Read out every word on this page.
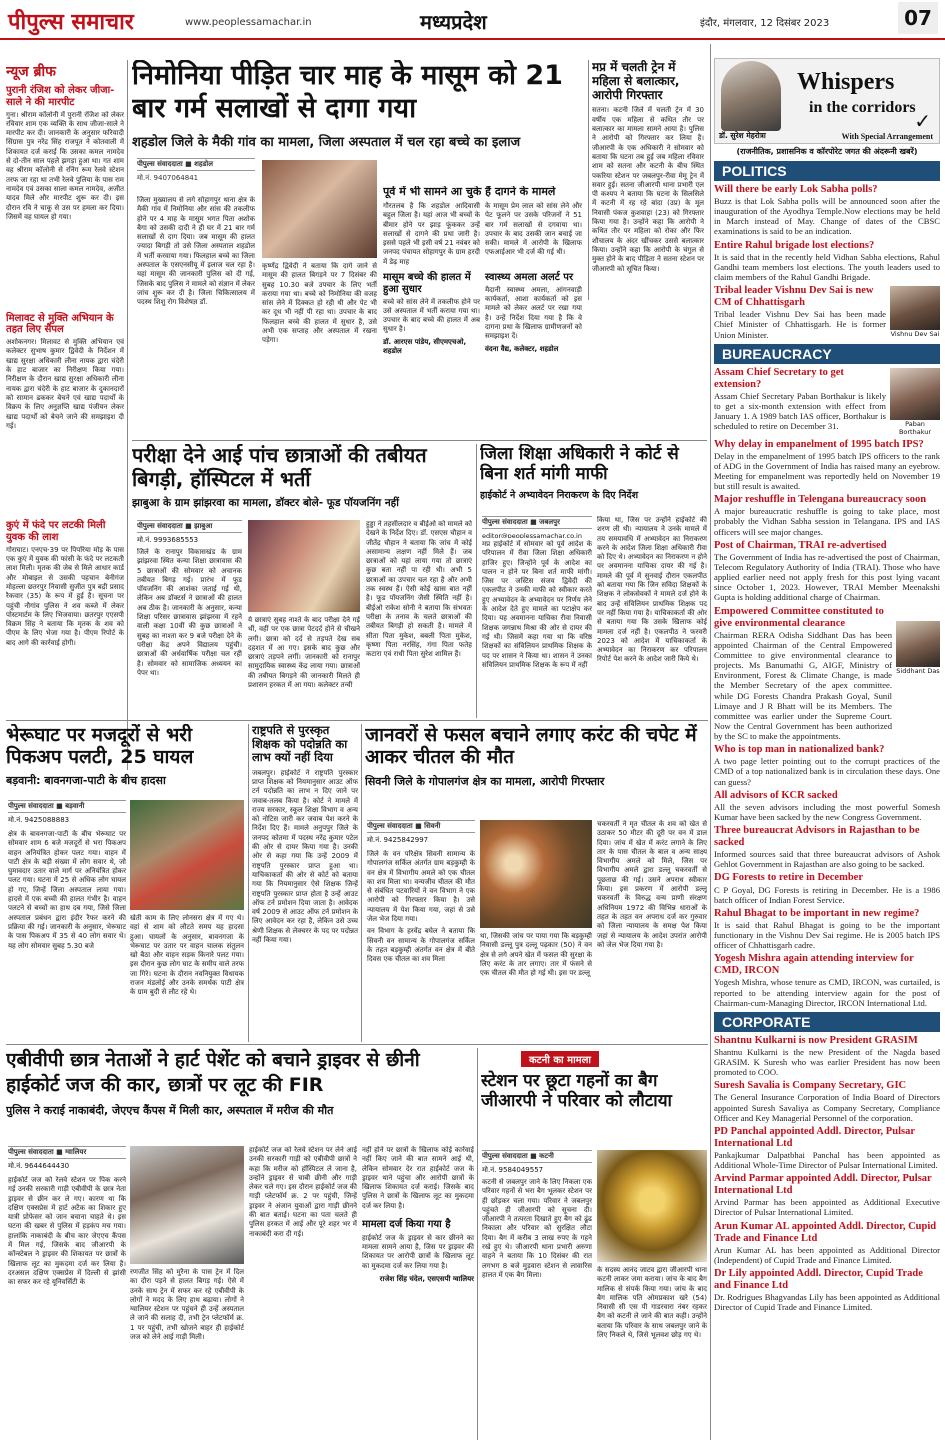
पीपुल्स समाचार	www.peoplessamachar.in	मध्यप्रदेश	इंदौर, मंगलवार, 12 दिसंबर 2023	07
न्यूज ब्रीफ
पुरानी रंजिश को लेकर जीजा-साले ने की मारपीट
गुना। श्रीराम कॉलोनी में पुरानी रंजिश को लेकर रविवार शाम एक व्यक्ति के साथ जीजा-साले ने मारपीट कर दी। जानकारी के अनुसार फरियादी सिंग्रास पुत्र नरेंद्र सिंह राजपूत ने कोतवाली में शिकायत दर्ज कराई कि उसका कमल नामदेव से दो-तीन साल पहले झगड़ा हुआ था। गत शाम वह श्रीराम कॉलोनी से रनिंग रूम रेलवे स्टेशन तरफ जा रहा था तभी रेलवे पुलिया के पास राम नामदेव एवं उसका साला कमल नामदेव, अजीत यादव मिले और मारपीट शुरू कर दी। इस दौरान रवि ने चाकू से उस पर हमला कर दिया। जिसमें वह घायल हो गया।
मिलावट से मुक्ति अभियान के तहत लिए सैंपल
अशोकनगर। मिलावट से मुक्ति अभियान एवं कलेक्टर सुभाष कुमार द्विवेदी के निर्देशन में खाद्य सुरक्षा अधिकारी लीना नायक द्वारा चंदेरी के हाट बाजार का निरीक्षण किया गया। निरीक्षण के दौरान खाद्य सुरक्षा अधिकारी लीना नायक द्वारा चंदेरी के हाट बाजार के दुकानदारों को सामान ढककर बेचने एवं खाद्य पदार्थों के विक्रय के लिए अनुज्ञप्ति खाद्य पंजीयन लेकर खाद्य पदार्थों को बेचने जाने की समझाइश दी गई।
कुएं में फंदे पर लटकी मिली युवक की लाश
गोराघाट। एनएच-39 पर पिपरिया मोड़ के पास एक कुएं में युवक की फांसी के फंदे पर लटकती लाश मिली। मृतक की जेब से मिले आधार कार्ड और मोबाइल से उसकी पहचान बेनीगंज मोहल्ला छतरपुर निवासी सुजीत पुत्र बद्री प्रसाद रैकवार (35) के रूप में हुई है। सूचना पर पहुंची नौगांव पुलिस ने शव कब्जे में लेकर पोस्टमार्टम के लिए भिजवाया। छतरपुर एएसपी विक्रम सिंह ने बताया कि मृतक के शव को पीएम के लिए भेजा गया है। पीएम रिपोर्ट के बाद आगे की कार्रवाई होगी।
निमोनिया पीड़ित चार माह के मासूम को 21 बार गर्म सलाखों से दागा गया
शहडोल जिले के मैकी गांव का मामला, जिला अस्पताल में चल रहा बच्चे का इलाज
पीपुल्स संवाददाता ■ शहडोल
मो.नं. 9407064841
जिला मुख्यालय से लगे सोहागपुर थाना क्षेत्र के मैकी गांव में निमोनिया और सांस की तकलीफ होने पर 4 माह के मासूम भगत पिता अशोक बैगा को उसकी दादी ने ही घर में 21 बार गर्म सलाखों से दाग दिया। जब मासूम की हालत ज्यादा बिगड़ी तो उसे जिला अस्पताल शहडोल में भर्ती करवाया गया। फिलहाल बच्चे का जिला अस्पताल के एसएनसीयू में इलाज चल रहा है। यहां मासूम की जानकारी पुलिस को दी गई, जिसके बाद पुलिस ने मामले को संज्ञान में लेकर जांच शुरू कर दी है। जिला चिकित्सालय में पदस्थ शिशु रोग विशेषज्ञ डॉ.
कृष्णेंद्र द्विवेदी ने बताया कि दागे जाने से मासूम की हालत बिगड़ने पर 7 दिसंबर की सुबह 10.30 बजे उपचार के लिए भर्ती कराया गया था। बच्चे को निमोनिया की वजह सांस लेने में दिक्कत हो रही थी और पेट भी कर दूध भी नहीं पी रहा था। उपचार के बाद फिलहाल बच्चे की हालत में सुधार है, उसे अभी एक सप्ताह और अस्पताल में रखना पड़ेगा।
पूर्व में भी सामने आ चुके हैं दागने के मामले
गौरतलब है कि शहडोल आदिवासी बहुल जिला है। यहां आज भी बच्चों के बीमार होने पर झाड़ फूंककर उन्हें सलाखों से दागने की प्रथा जारी है। इससे पहले भी इसी वर्ष 21 नवंबर को जनपद पंचायत सोहागपुर के ग्राम हरदी में डेढ़ माह
के मासूम प्रेम लाल को सांस लेने और पेट फूलने पर उसके परिजनों ने 51 बार गर्म सलाखों से दगवाया था। उपचार के बाद उसकी जान बचाई जा सकी। मामले में आरोपी के खिलाफ एफआईआर भी दर्ज की गई थी।
मासूम बच्चे की हालत में हुआ सुधार
बच्चे को सांस लेने में तकलीफ होने पर उसे अस्पताल में भर्ती कराया गया था। उपचार के बाद बच्चे की हालत में अब सुधार है।
डॉ. आरएस पांडेय, सीएमएचओ, शहडोल
स्वास्थ्य अमला अलर्ट पर
मैदानी स्वास्थ्य अमला, आंगनवाड़ी कार्यकर्ता, आशा कार्यकर्ता को इस मामले को लेकर अलर्ट पर रखा गया है। उन्हें निर्देश दिया गया है कि वे दागना प्रथा के खिलाफ ग्रामीणजनों को समझाइश दें।
वंदना वैद्य, कलेक्टर, शहडोल
मप्र में चलती ट्रेन में महिला से बलात्कार, आरोपी गिरफ्तार
सतना। कटनी जिले में चलती ट्रेन में 30 वर्षीय एक महिला से कथित तौर पर बलात्कार का मामला सामने आया है। पुलिस ने आरोपी को गिरफ्तार कर लिया है। जीआरपी के एक अधिकारी ने सोमवार को बताया कि घटना तब हुई जब महिला रविवार शाम को सतना और कटनी के बीच स्थित पकरिया स्टेशन पर जबलपुर-रीवा मेमू ट्रेन में सवार हुई। सतना जीआरपी थाना प्रभारी एल पी कश्यप ने बताया कि घटना के सिलसिले में कटनी में रह रहे बांदा (उप्र) के मूल निवासी पंकज कुशवाहा (23) को गिरफ्तार किया गया है। उन्होंने कहा कि आरोपी ने कथित तौर पर महिला को रोका और फिर शौचालय के अंदर खींचकर उससे बलात्कार किया। उन्होंने कहा कि आरोपी के चंगुल से मुक्त होने के बाद पीड़िता ने सतना स्टेशन पर जीआरपी को सूचित किया।
परीक्षा देने आई पांच छात्राओं की तबीयत बिगड़ी, हॉस्पिटल में भर्ती
झाबुआ के ग्राम झांझरवा का मामला, डॉक्टर बोले- फूड पॉयजनिंग नहीं
पीपुल्स संवाददाता ■ झाबुआ
मो.नं. 9993685553
जिले के रानापुर विकासखंड के ग्राम झांझरवा स्थित कन्या शिक्षा छात्रावास की 5 छात्राओं की सोमवार को अचानक तबीयत बिगड़ गई। प्रारंभ में फूड पॉयजनिंग की आशंका जताई गई थी, लेकिन अब डॉक्टर्स ने छात्राओं की हालत अब ठीक है। जानकारी के अनुसार, कन्या शिक्षा परिसर छात्रावास झांझरवा में रहने वाली कक्षा 10वीं की कुछ छात्राओं ने सुबह का नाश्ता कर 9 बजे परीक्षा देने के परीक्षा केंद्र अपने विद्यालय पहुंची। छात्राओं की अर्धवार्षिक परीक्षा चल रही है। सोमवार को सामाजिक अध्ययन का पेपर था।
ये छात्राएं सुबह नाश्ते के बाद परीक्षा देने गई थीं, वहीं पर एक छात्रा पेटदर्द होने से चीखने लगी। छात्रा को दर्द से तड़पते देख सब दहशत में आ गए। इसके बाद कुछ और छात्राएं तड़पने लगीं। जानकारी को रानापुर सामुदायिक स्वास्थ्य केंद्र लाया गया। छात्राओं की तबीयत बिगड़ने की जानकारी मिलते ही प्रशासन हरकत में आ गया। कलेक्टर तन्वी
हुड्डा ने तहसीलदार व बीईओ को मामले को देखने के निर्देश दिए। डॉ. एसएस चौहान व जीतेंद्र चौहान ने बताया कि जांच में कोई असामान्य लक्षण नहीं मिले हैं। जब छात्राओं को यहां लाया गया तो छात्राएं कुछ बता नहीं पा रही थी। अभी 5 छात्राओं का उपचार चल रहा है और अभी तक स्वस्थ हैं। ऐसी कोई खास बात नहीं है। फूड पॉयजनिंग जैसी स्थिति नहीं है। बीईओ राकेश सोनी ने बताया कि संभवतः परीक्षा के तनाव के चलते छात्राओं की तबीयत बिगड़ी हो सकती है। मामले में सीता पिता मुकेश, बबली पिता मुकेश, कृष्णा पिता नरसिंह, गंगा पिता फतेह कटारा एवं राधी पिता सुरेश शामिल हैं।
जिला शिक्षा अधिकारी ने कोर्ट से बिना शर्त मांगी माफी
हाईकोर्ट ने अभ्यावेदन निराकरण के दिए निर्देश
पीपुल्स संवाददाता ■ जबलपुर
editor@peoplessamachar.co.in
मप्र हाईकोर्ट में सोमवार को पूर्व आदेश के परिपालन में रीवा जिला शिक्षा अधिकारी हाजिर हुए। जिन्होंने पूर्व के आदेश का पालन न होने पर बिना शर्त माफी मांगी। जिस पर जस्टिस संजय द्विवेदी की एकलपीठ ने उनकी माफी को स्वीकार करते हुए अभ्यावेदन के अभ्यावेदन पर निर्णय लेने के आदेश देते हुए मामले का पटाक्षेप कर दिया। यह अवमानना याचिका रीवा निवासी शिक्षक जगन्नाथ मिश्रा की ओर से दायर की गई थी। जिसमें कहा गया था कि वरिष्ठ शिक्षकों का संविलियन प्राथमिक शिक्षक के पद पर शासन ने किया था। शासन ने उनका संविलियन प्राथमिक शिक्षक के रूप में नहीं
किया था, जिस पर उन्होंने हाईकोर्ट की शरण ली थी। न्यायालय ने उनके मामले में तय समयावधि में अभ्यावेदन का निराकरण करने के आदेश जिला शिक्षा अधिकारी रीवा को दिए थे। अभ्यावेदन का निराकरण न होने पर अवमानना याचिका दायर की गई है। मामले की पूर्व में सुनवाई दौरान एकलपीठ को बताया गया कि जिन सविदा शिक्षकों के शिक्षक ने लोकसेवकों ने मामले दर्ज होने के बाद उन्हें संविलियन प्राथमिक शिक्षक पद पर नहीं किया गया है। याचिकाकर्ता की ओर से बताया गया कि उसके खिलाफ कोई मामला दर्ज नहीं है। एकलपीठ ने फरवरी 2023 को आदेश में याचिकाकर्ता के अभ्यावेदन का निराकरण कर परिपालन रिपोर्ट पेश करने के आदेश जारी किये थे।
भेरूघाट पर मजदूरों से भरी पिकअप पलटी, 25 घायल
बड़वानी: बावनगजा-पाटी के बीच हादसा
पीपुल्स संवाददाता ■ बड़वानी
मो.नं. 9425088883
क्षेत्र के बावनगजा-पाटी के बीच भेरूघाट पर सोमवार शाम 6 बजे मजदूरों से भरा पिकअप वाहन अनियंत्रित होकर पलट गया। वाहन में पाटी क्षेत्र के बड़ी संख्या में लोग सवार थे, जो घुमावदार उतार वाले मार्ग पर अनियंत्रित होकर पलट गया। घटना में 25 से अधिक लोग घायल हो गए, जिन्हें जिला अस्पताल लाया गया। हादसे में एक बच्ची की हालत गंभीर है। वाहन पलटने से बच्चों का हाथ दब गया, जिसे जिला अस्पताल प्रबंधन द्वारा इंदौर रैफर करने की प्रक्रिया की गई। जानकारी के अनुसार, भेरूघाट के पास पिकअप में 35 से 40 लोग सवार थे। यह लोग सोमवार सुबह 5.30 बजे
खेती काम के लिए लोनसरा क्षेत्र में गए थे। वहां से शाम को लौटते समय यह हादसा हुआ। घायलों के अनुसार, बावनगजा के भेरूघाट पर उतार पर वाहन चालक संतुलन खो बैठा और वाहन सड़क किनारे पलट गया। इस दौरान कुछ लोग घाट के समीप वाले तरफ जा गिरे। घटना के दौरान नवनियुक्त विधायक राजन मंडलोई और उनके समर्थक पाटी क्षेत्र के ग्राम बुदी से लौट रहे थे।
राष्ट्रपति से पुरस्कृत शिक्षक को पदोन्नति का लाभ क्यों नहीं दिया
जबलपुर। हाईकोर्ट ने राष्ट्रपति पुरस्कार प्राप्त शिक्षक को नियमानुसार आउट ऑफ टर्न पदोन्नति का लाभ न दिए जाने पर जवाब-तलब किया है। कोर्ट ने मामले में राज्य सरकार, स्कूल शिक्षा विभाग व अन्य को नोटिस जारी कर जवाब पेश करने के निर्देश दिए हैं। मामले अनुपपुर जिले के जनपद कोतमा में पदस्थ नरेंद्र कुमार पटेल की ओर से दायर किया गया है। उनकी ओर से कहा गया कि उन्हें 2009 में राष्ट्रपति पुरस्कार प्राप्त हुआ था। याचिकाकर्ता की ओर से कोर्ट को बताया गया कि नियमानुसार ऐसे शिक्षक जिन्हें राष्ट्रपति पुरस्कार प्राप्त होता है उन्हें आउट ऑफ टर्न प्रमोशन दिया जाता है। आवेदक वर्ष 2009 से आउट ऑफ टर्न प्रमोशन के लिए आवेदन कर रहा है, लेकिन उसे उच्च श्रेणी शिक्षक से लेक्चरर के पद पर पदोन्नत नहीं किया गया।
जानवरों से फसल बचाने लगाए करंट की चपेट में आकर चीतल की मौत
सिवनी जिले के गोपालगंज क्षेत्र का मामला, आरोपी गिरफ्तार
पीपुल्स संवाददाता ■ सिवनी
मो.नं. 9425842997
जिले के वन परिक्षेत्र सिवनी सामान्य के गोपालगंज सर्किल अंतर्गत ग्राम बड़कुम्ही के वन क्षेत्र में विभागीय अमले को एक चीतल का शव मिला था। वन्यजीव चीतल की मौत से संबंधित पटवारियों ने वन विभाग ने एक आरोपी को गिरफ्तार किया है। उसे न्यायालय में पेश किया गया, जहां से उसे जेल भेज दिया गया।
वन विभाग के हरवेंद्र बघेल ने बताया कि सिवनी वन सामान्य के गोपालगंज सर्किल के तहत बड़कुम्ही अंतर्गत वन क्षेत्र में बीते दिवस एक चीतल का शव मिला
था, जिसकी जांच पर पाया गया कि बड़कुम्ही निवासी डल्लू पुत्र दल्लू पढ़कार (50) ने वन क्षेत्र से लगे अपने खेत में फसल की सुरक्षा के लिए करंट के तार लगाए। तार में फंसने से एक चीतल की मौत हो गई थी। इस पर डल्लू
चकरवर्ती ने मृत चीतल के शव को खेत से उठाकर 50 मीटर की दूरी पर वन में डाल दिया। जांच में खेत में करंट लगाने के लिए तार के पास चीतल के बाल व अन्य साक्ष्य विभागीय अमले को मिले, जिस पर विभागीय अमले द्वारा डल्लू चकरवर्ती से पूछताछ की गई। उसने अपराध स्वीकार किया। इस प्रकरण में आरोपी डल्लू चकरवर्ती के विरुद्ध वन्य प्राणी संरक्षण अधिनियम 1972 की विभिन्न धाराओं के तहत के तहत वन अपराध दर्ज कर गुरुवार को जिला न्यायालय के समक्ष पेश किया जहां से न्यायालय के आदेश उपरांत आरोपी को जेल भेज दिया गया है।
एबीवीपी छात्र नेताओं ने हार्ट पेशेंट को बचाने ड्राइवर से छीनी हाईकोर्ट जज की कार, छात्रों पर लूट की FIR
पुलिस ने कराई नाकाबंदी, जेएएच कैंपस में मिली कार, अस्पताल में मरीज की मौत
पीपुल्स संवाददाता ■ ग्वालियर
मो.नं. 9644644430
हाईकोर्ट जज को रेलवे स्टेशन पर पिक करने गई उनकी सरकारी गाड़ी एबीवीपी के छात्र नेता ड्राइवर से छीन कर ले गए। कारण था कि दक्षिण एक्सप्रेस में हार्ट अटैक का शिकार हुए यात्री प्रोफेसर को जान बचाना चाहते थे। इस घटना की खबर से पुलिस में हड़कंप मच गया। हालांकि नाकाबंदी के बीच कार जेएएच कैंपस में मिल गई, जिसके बाद जीआरपी के कॉन्स्टेबल ने ड्राइवर की शिकायत पर छात्रों के खिलाफ लूट का मुकदमा दर्ज कर लिया है। दरअसल दक्षिण एक्सप्रेस में दिल्ली से झांसी का सफर कर रहे यूनिवर्सिटी के
रणजीत सिंह को मुरैना के पास ट्रेन में दिल का दौरा पड़ने से हालत बिगड़ गई। ऐसे में उनके साथ ट्रेन में सफर कर रहे एबीवीपी के लोगों ने मदद के लिए हाथ बढ़ाया। लोगों ने ग्वालियर स्टेशन पर पहुंचने ही उन्हें अस्पताल ले जाने की सलाह दी, तभी ट्रेन प्लेटफॉर्म क्र. 1 पर पहुंची, तभी खोजने बाहर ही हाईकोर्ट जज को लेने आई गाड़ी मिली।
हाईकोर्ट जज को रेलवे स्टेशन पर लेने आई उनकी सरकारी गाड़ी को एबीवीपी छात्रों ने कहा कि मरीज को हॉस्पिटल ले जाना है, उन्होंने ड्राइवर से चाबी छीनी और गाड़ी लेकर चले गए। इस दौरान हाईकोर्ट जज की गाड़ी प्लेटफॉर्म क्र. 2 पर पहुंची, जिन्हें ड्राइवर ने अंजान युवाओं द्वारा गाड़ी छीनने की बात बताई। घटना का पता चलते ही पुलिस हरकत में आई और पूरे शहर भर में नाकाबंदी करा दी गई।
नहीं होने पर छात्रों के खिलाफ कोई कार्रवाई नहीं किए जाने की बात सामने आई थी, लेकिन सोमवार देर रात हाईकोर्ट जज के ड्राइवर थाने पहुंचा और आरोपी छात्रों के खिलाफ शिकायत दर्ज कराई। जिसके बाद पुलिस ने छात्रों के खिलाफ लूट का मुकदमा दर्ज कर लिया है।
मामला दर्ज किया गया है
हाईकोर्ट जज के ड्राइवर से कार छीनने का मामला सामने आया है, जिस पर ड्राइवर की शिकायत पर आरोपी छात्रों के खिलाफ लूट का मुकदमा दर्ज कर लिया गया है।
राजेश सिंह चंदेल, एसएसपी ग्वालियर
कटनी का मामला
स्टेशन पर छूटा गहनों का बैग जीआरपी ने परिवार को लौटाया
पीपुल्स संवाददाता ■ कटनी
मो.नं. 9584049557
कटनी से जबलपुर जाने के लिए निकला एक परिवार गहनों से भरा बैग भूलकर स्टेशन पर ही छोड़कर चला गया। परिवार ने जबलपुर पहुंचते ही जीआरपी को सूचना दी। जीआरपी ने तत्परता दिखाते हुए बैग को ढूंढ निकाला और परिवार को सुरक्षित लौटा दिया। बैग में करीब 3 लाख रुपए के गहने रखे हुए थे। जीआरपी थाना प्रभारी अरुणा वाहने ने बताया कि 10 दिसंबर की रात लगभग 8 बजे मुड़वारा स्टेशन से लावारिस हालत में एक बैग मिला।
के सदस्य आनंद जाटव द्वारा जीआरपी थाना कटनी लाकर जमा कराया। जांच के बाद बैग मालिक से संपर्क किया गया। जांच के बाद बैग मालिक पति ओमप्रकाश खरे (54) निवासी सी एस पी गाडरवारा नंबर रहकर बैग को कटनी ले जाने की बात कही। उन्होंने बताया कि परिवार के साथ जबलपुर जाने के लिए निकले थे, जिसे भूलवश छोड़ गए थे।
Whispers
in the corridors
✓
डॉ. सुरेश मेहरोत्रा	With Special Arrangement
(राजनीतिक, प्रशासनिक व कॉरपोरेट जगत की अंदरूनी खबरें)
POLITICS
Will there be early Lok Sabha polls?
Buzz is that Lok Sabha polls will be announced soon after the inauguration of the Ayodhya Temple.Now elections may be held in March instead of May. Change of dates of the CBSC examinations is said to be an indication.
Entire Rahul brigade lost elections?
It is said that in the recently held Vidhan Sabha elections, Rahul Gandhi team members lost elections. The youth leaders used to claim members of the Rahul Gandhi Brigade.
Tribal leader Vishnu Dev Sai is new CM of Chhattisgarh
Tribal leader Vishnu Dev Sai has been made Chief Minister of Chhattisgarh. He is former Union Minister.	Vishnu Dev Sai
BUREAUCRACY
Assam Chief Secretary to get extension?
Assam Chief Secretary Paban Borthakur is likely to get a six-month extension with effect from January 1. A 1989 batch IAS officer, Borthakur is scheduled to retire on December 31.	Paban Borthakur
Why delay in empanelment of 1995 batch IPS?
Delay in the empanelment of 1995 batch IPS officers to the rank of ADG in the Government of India has raised many an eyebrow. Meeting for empanelment was reportedly held on November 19 but still result is awaited.
Major reshuffle in Telengana bureaucracy soon
A major bureaucratic reshuffle is going to take place, most probably the Vidhan Sabha session in Telangana. IPS and IAS officers will see major changes.
Post of Chairman, TRAI re-advertised
The Government of India has re-advertised the post of Chairman, Telecom Regulatory Authority of India (TRAI). Those who have applied earlier need not apply fresh for this post lying vacant since October 1, 2023. However, TRAI Member Meenakshi Gupta is holding additional charge of Chairman.
Empowered Committee constituted to give environmental clearance
Chairman RERA Odisha Siddhant Das has been appointed Chairman of the Central Empowered Committee to give environmental clearance to projects. Ms Banumathi G, AIGF, Ministry of Environment, Forest & Climate Change, is made the Member Secretary of the apex committee. while DG Forests Chandra Prakash Goyal, Sunil Limaye and J R Bhatt will be its Members. The committee was earlier under the Supreme Court. Now the Central Government has been authorized by the SC to make the appointments.
Siddhant Das
Who is top man in nationalized bank?
A two page letter pointing out to the corrupt practices of the CMD of a top nationalized bank is in circulation these days. One can guess?
All advisors of KCR sacked
All the seven advisors including the most powerful Somesh Kumar have been sacked by the new Congress Government.
Three bureaucrat Advisors in Rajasthan to be sacked
Informed sources said that three bureaucrat advisors of Ashok Gehlot Government in Rajasthan are also going to be sacked.
DG Forests to retire in December
C P Goyal, DG Forests is retiring in December. He is a 1986 batch officer of Indian Forest Service.
Rahul Bhagat to be important in new regime?
It is said that Rahul Bhagat is going to be the important functionary in the Vishnu Dev Sai regime. He is 2005 batch IPS officer of Chhattisgarh cadre.
Yogesh Mishra again attending interview for CMD, IRCON
Yogesh Mishra, whose tenure as CMD, IRCON, was curtailed, is reported to be attending interview again for the post of Chairman-cum-Managing Director, IRCON International Ltd.
CORPORATE
Shantnu Kulkarni is now President GRASIM
Shantnu Kulkarni is the new President of the Nagda based GRASIM. K Suresh who was earlier President has now been promoted to COO.
Suresh Savalia is Company Secretary, GIC
The General Insurance Corporation of India Board of Directors appointed Suresh Savaliya as Company Secretary, Compliance Officer and Key Managerial Personnel of the corporation.
PD Panchal appointed Addl. Director, Pulsar International Ltd
Pankajkumar Dalpatbhai Panchal has been appointed as Additional Whole-Time Director of Pulsar International Limited.
Arvind Parmar appointed Addl. Director, Pulsar International Ltd
Arvind Parmar has been appointed as Additional Executive Director of Pulsar International Limited.
Arun Kumar AL appointed Addl. Director, Cupid Trade and Finance Ltd
Arun Kumar AL has been appointed as Additional Director (Independent) of Cupid Trade and Finance Limited.
Dr Lily appointed Addl. Director, Cupid Trade and Finance Ltd
Dr. Rodrigues Bhagvandas Lily has been appointed as Additional Director of Cupid Trade and Finance Limited.
